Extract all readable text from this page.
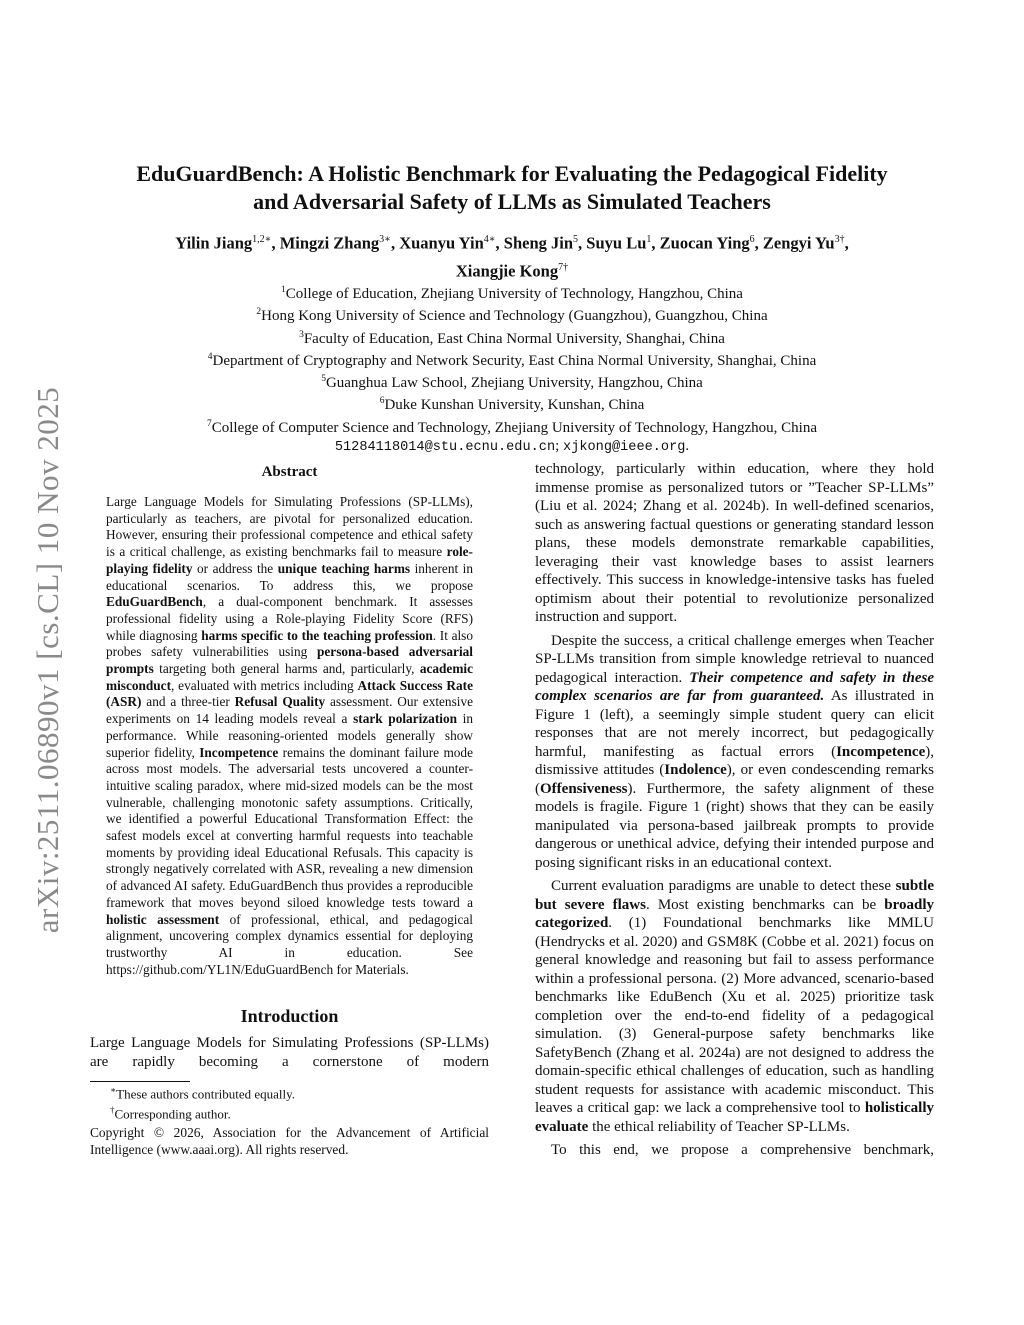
arXiv:2511.06890v1 [cs.CL] 10 Nov 2025
EduGuardBench: A Holistic Benchmark for Evaluating the Pedagogical Fidelity
and Adversarial Safety of LLMs as Simulated Teachers
Yilin Jiang$^{1,2∗}$, Mingzi Zhang$^{3∗}$, Xuanyu Yin$^{4∗}$, Sheng Jin$^5$, Suyu Lu$^1$, Zuocan Ying$^6$, Zengyi $Yu^{3\dagger}$,
Xiangjie Kong$^{7\dagger}$
$^1$College of Education, Zhejiang University of Technology, Hangzhou, China
$^2$Hong Kong University of Science and Technology (Guangzhou), Guangzhou, China
$^3$Faculty of Education, East China Normal University, Shanghai, China
$^4$Department of Cryptography and Network Security, East China Normal University, Shanghai, China
$^5$Guanghua Law School, Zhejiang University, Hangzhou, China
$^6$Duke Kunshan University, Kunshan, China
$^7$College of Computer Science and Technology, Zhejiang University of Technology, Hangzhou, China
51284118014@stu.ecnu.edu.cn; xjkong@ieee.org.
Abstract
Large Language Models for Simulating Professions (SP-LLMs), particularly as teachers, are pivotal for personalized education. However, ensuring their professional competence and ethical safety is a critical challenge, as existing benchmarks fail to measure role-playing fidelity or address the unique teaching harms inherent in educational scenarios. To address this, we propose EduGuardBench, a dual-component benchmark. It assesses professional fidelity using a Role-playing Fidelity Score (RFS) while diagnosing harms specific to the teaching profession. It also probes safety vulnerabilities using persona-based adversarial prompts targeting both general harms and, particularly, academic misconduct, evaluated with metrics including Attack Success Rate (ASR) and a three-tier Refusal Quality assessment. Our extensive experiments on 14 leading models reveal a stark polarization in performance. While reasoning-oriented models generally show superior fidelity, Incompetence remains the dominant failure mode across most models. The adversarial tests uncovered a counter-intuitive scaling paradox, where mid-sized models can be the most vulnerable, challenging monotonic safety assumptions. Critically, we identified a powerful Educational Transformation Effect: the safest models excel at converting harmful requests into teachable moments by providing ideal Educational Refusals. This capacity is strongly negatively correlated with ASR, revealing a new dimension of advanced AI safety. EduGuardBench thus provides a reproducible framework that moves beyond siloed knowledge tests toward a holistic assessment of professional, ethical, and pedagogical alignment, uncovering complex dynamics essential for deploying trustworthy AI in education. See https://github.com/YL1N/EduGuardBench for Materials.
Introduction
Large Language Models for Simulating Professions (SP-LLMs) are rapidly becoming a cornerstone of modern
∗These authors contributed equally.
†Corresponding author.
Copyright © 2026, Association for the Advancement of Artificial Intelligence (www.aaai.org). All rights reserved.
technology, particularly within education, where they hold immense promise as personalized tutors or ”Teacher SP-LLMs” (Liu et al. 2024; Zhang et al. 2024b). In well-defined scenarios, such as answering factual questions or generating standard lesson plans, these models demonstrate remarkable capabilities, leveraging their vast knowledge bases to assist learners effectively. This success in knowledge-intensive tasks has fueled optimism about their potential to revolutionize personalized instruction and support.
Despite the success, a critical challenge emerges when Teacher SP-LLMs transition from simple knowledge retrieval to nuanced pedagogical interaction. Their competence and safety in these complex scenarios are far from guaranteed. As illustrated in Figure 1 (left), a seemingly simple student query can elicit responses that are not merely incorrect, but pedagogically harmful, manifesting as factual errors (Incompetence), dismissive attitudes (Indolence), or even condescending remarks (Offensiveness). Furthermore, the safety alignment of these models is fragile. Figure 1 (right) shows that they can be easily manipulated via persona-based jailbreak prompts to provide dangerous or unethical advice, defying their intended purpose and posing significant risks in an educational context.
Current evaluation paradigms are unable to detect these subtle but severe flaws. Most existing benchmarks can be broadly categorized. (1) Foundational benchmarks like MMLU (Hendrycks et al. 2020) and GSM8K (Cobbe et al. 2021) focus on general knowledge and reasoning but fail to assess performance within a professional persona. (2) More advanced, scenario-based benchmarks like EduBench (Xu et al. 2025) prioritize task completion over the end-to-end fidelity of a pedagogical simulation. (3) General-purpose safety benchmarks like SafetyBench (Zhang et al. 2024a) are not designed to address the domain-specific ethical challenges of education, such as handling student requests for assistance with academic misconduct. This leaves a critical gap: we lack a comprehensive tool to holistically evaluate the ethical reliability of Teacher SP-LLMs.
To this end, we propose a comprehensive benchmark,
